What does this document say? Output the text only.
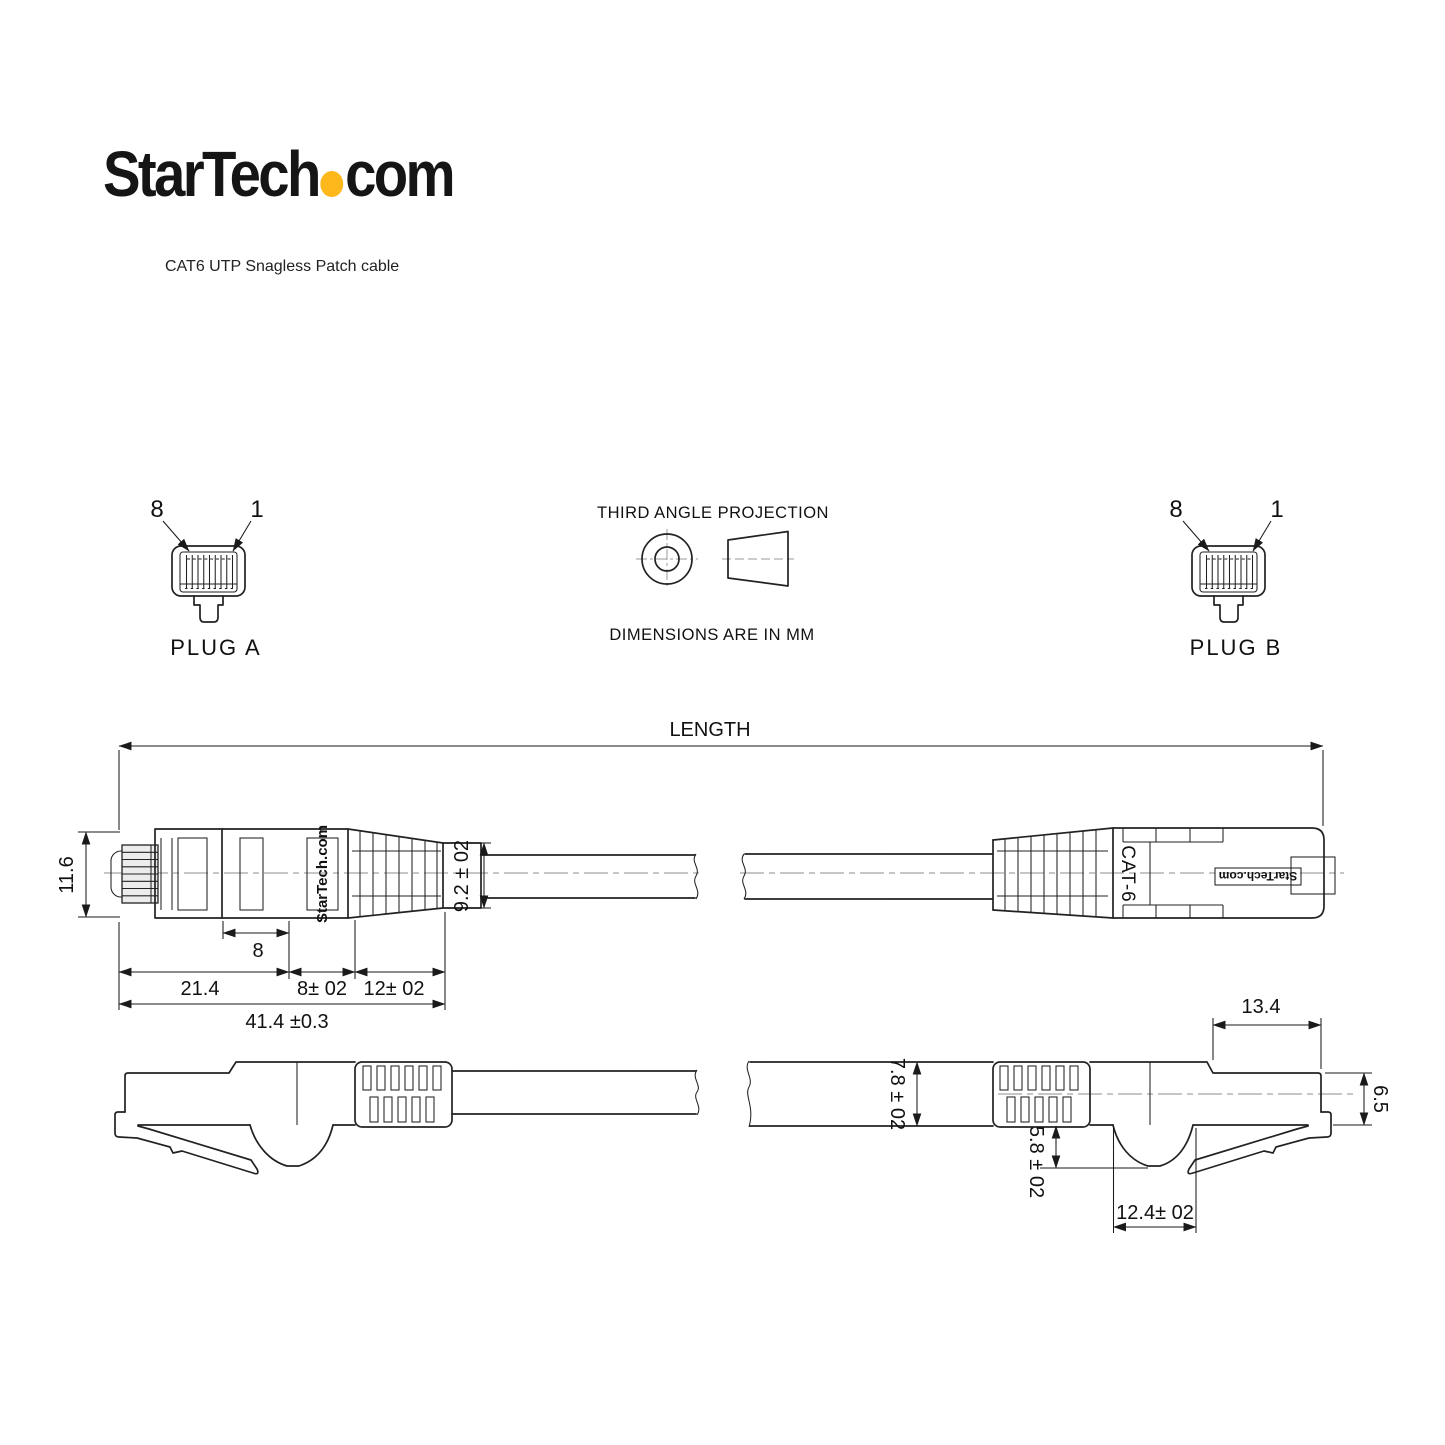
StarTech com
CAT6 UTP Snagless Patch cable
8	1
PLUG A
8	1
PLUG B
THIRD ANGLE PROJECTION
DIMENSIONS ARE IN MM
LENGTH
StarTech.com
11.6
8
21.4	8± 02 12± 02
41.4 ±0.3
9.2 ± 02	CAT-6	StarTech.com
7.8 ± 02
13.4
6.5
5.8 ± 02
12.4± 02
